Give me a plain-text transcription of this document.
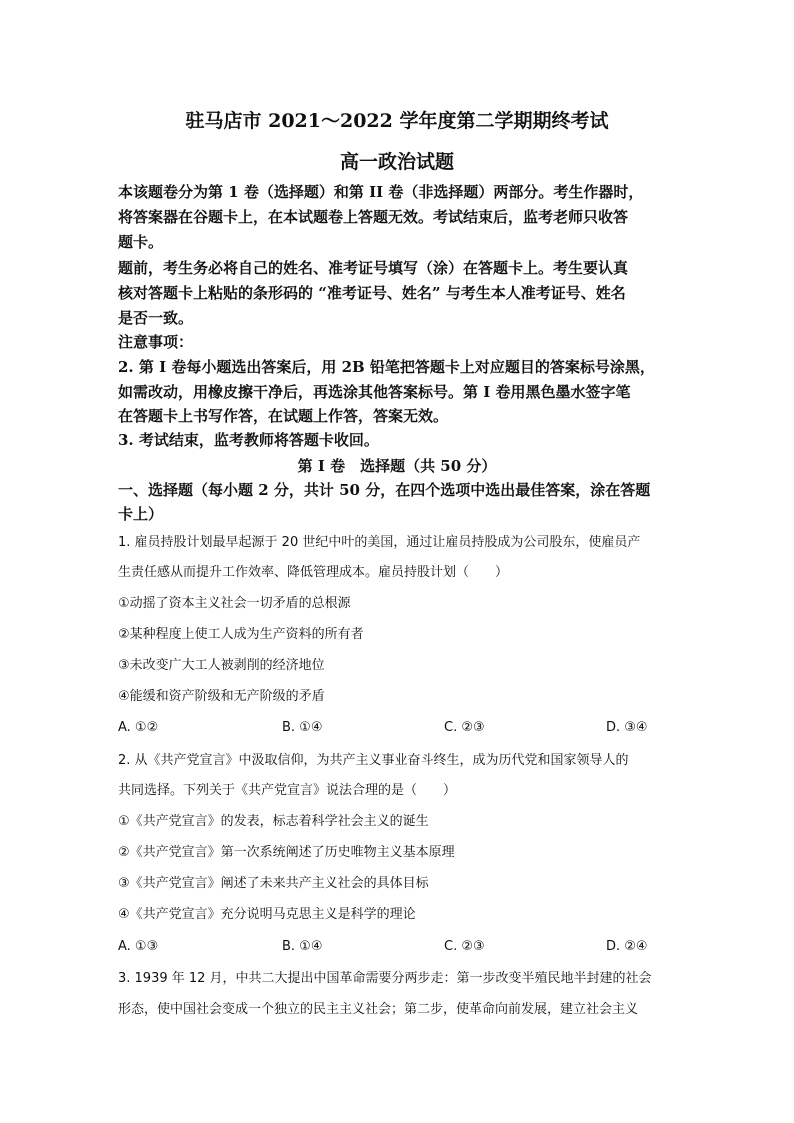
驻马店市 2021～2022 学年度第二学期期终考试
高一政治试题
本该题卷分为第 1 卷（选择题）和第 II 卷（非选择题）两部分。考生作器时，
将答案器在谷题卡上，在本试题卷上答题无效。考试结束后，监考老师只收答
题卡。
题前，考生务必将自己的姓名、准考证号填写（涂）在答题卡上。考生要认真
核对答题卡上粘贴的条形码的 “准考证号、姓名” 与考生本人准考证号、姓名
是否一致。
注意事项：
2. 第 I 卷每小题选出答案后，用 2B 铅笔把答题卡上对应题目的答案标号涂黑，
如需改动，用橡皮擦干净后，再选涂其他答案标号。第 I 卷用黑色墨水签字笔
在答题卡上书写作答，在试题上作答，答案无效。
3. 考试结束，监考教师将答题卡收回。
第 I 卷　选择题（共 50 分）
一、选择题（每小题 2 分，共计 50 分，在四个选项中选出最佳答案，涂在答题
卡上）
1. 雇员持股计划最早起源于 20 世纪中叶的美国，通过让雇员持股成为公司股东，使雇员产
生责任感从而提升工作效率、降低管理成本。雇员持股计划（　　）
①动摇了资本主义社会一切矛盾的总根源
②某种程度上使工人成为生产资料的所有者
③未改变广大工人被剥削的经济地位
④能缓和资产阶级和无产阶级的矛盾
A. ①②	B. ①④	C. ②③	D. ③④
2. 从《共产党宣言》中汲取信仰，为共产主义事业奋斗终生，成为历代党和国家领导人的
共同选择。下列关于《共产党宣言》说法合理的是（　　）
①《共产党宣言》的发表，标志着科学社会主义的诞生
②《共产党宣言》第一次系统阐述了历史唯物主义基本原理
③《共产党宣言》阐述了未来共产主义社会的具体目标
④《共产党宣言》充分说明马克思主义是科学的理论
A. ①③	B. ①④	C. ②③	D. ②④
3. 1939 年 12 月，中共二大提出中国革命需要分两步走：第一步改变半殖民地半封建的社会
形态，使中国社会变成一个独立的民主主义社会；第二步，使革命向前发展，建立社会主义
